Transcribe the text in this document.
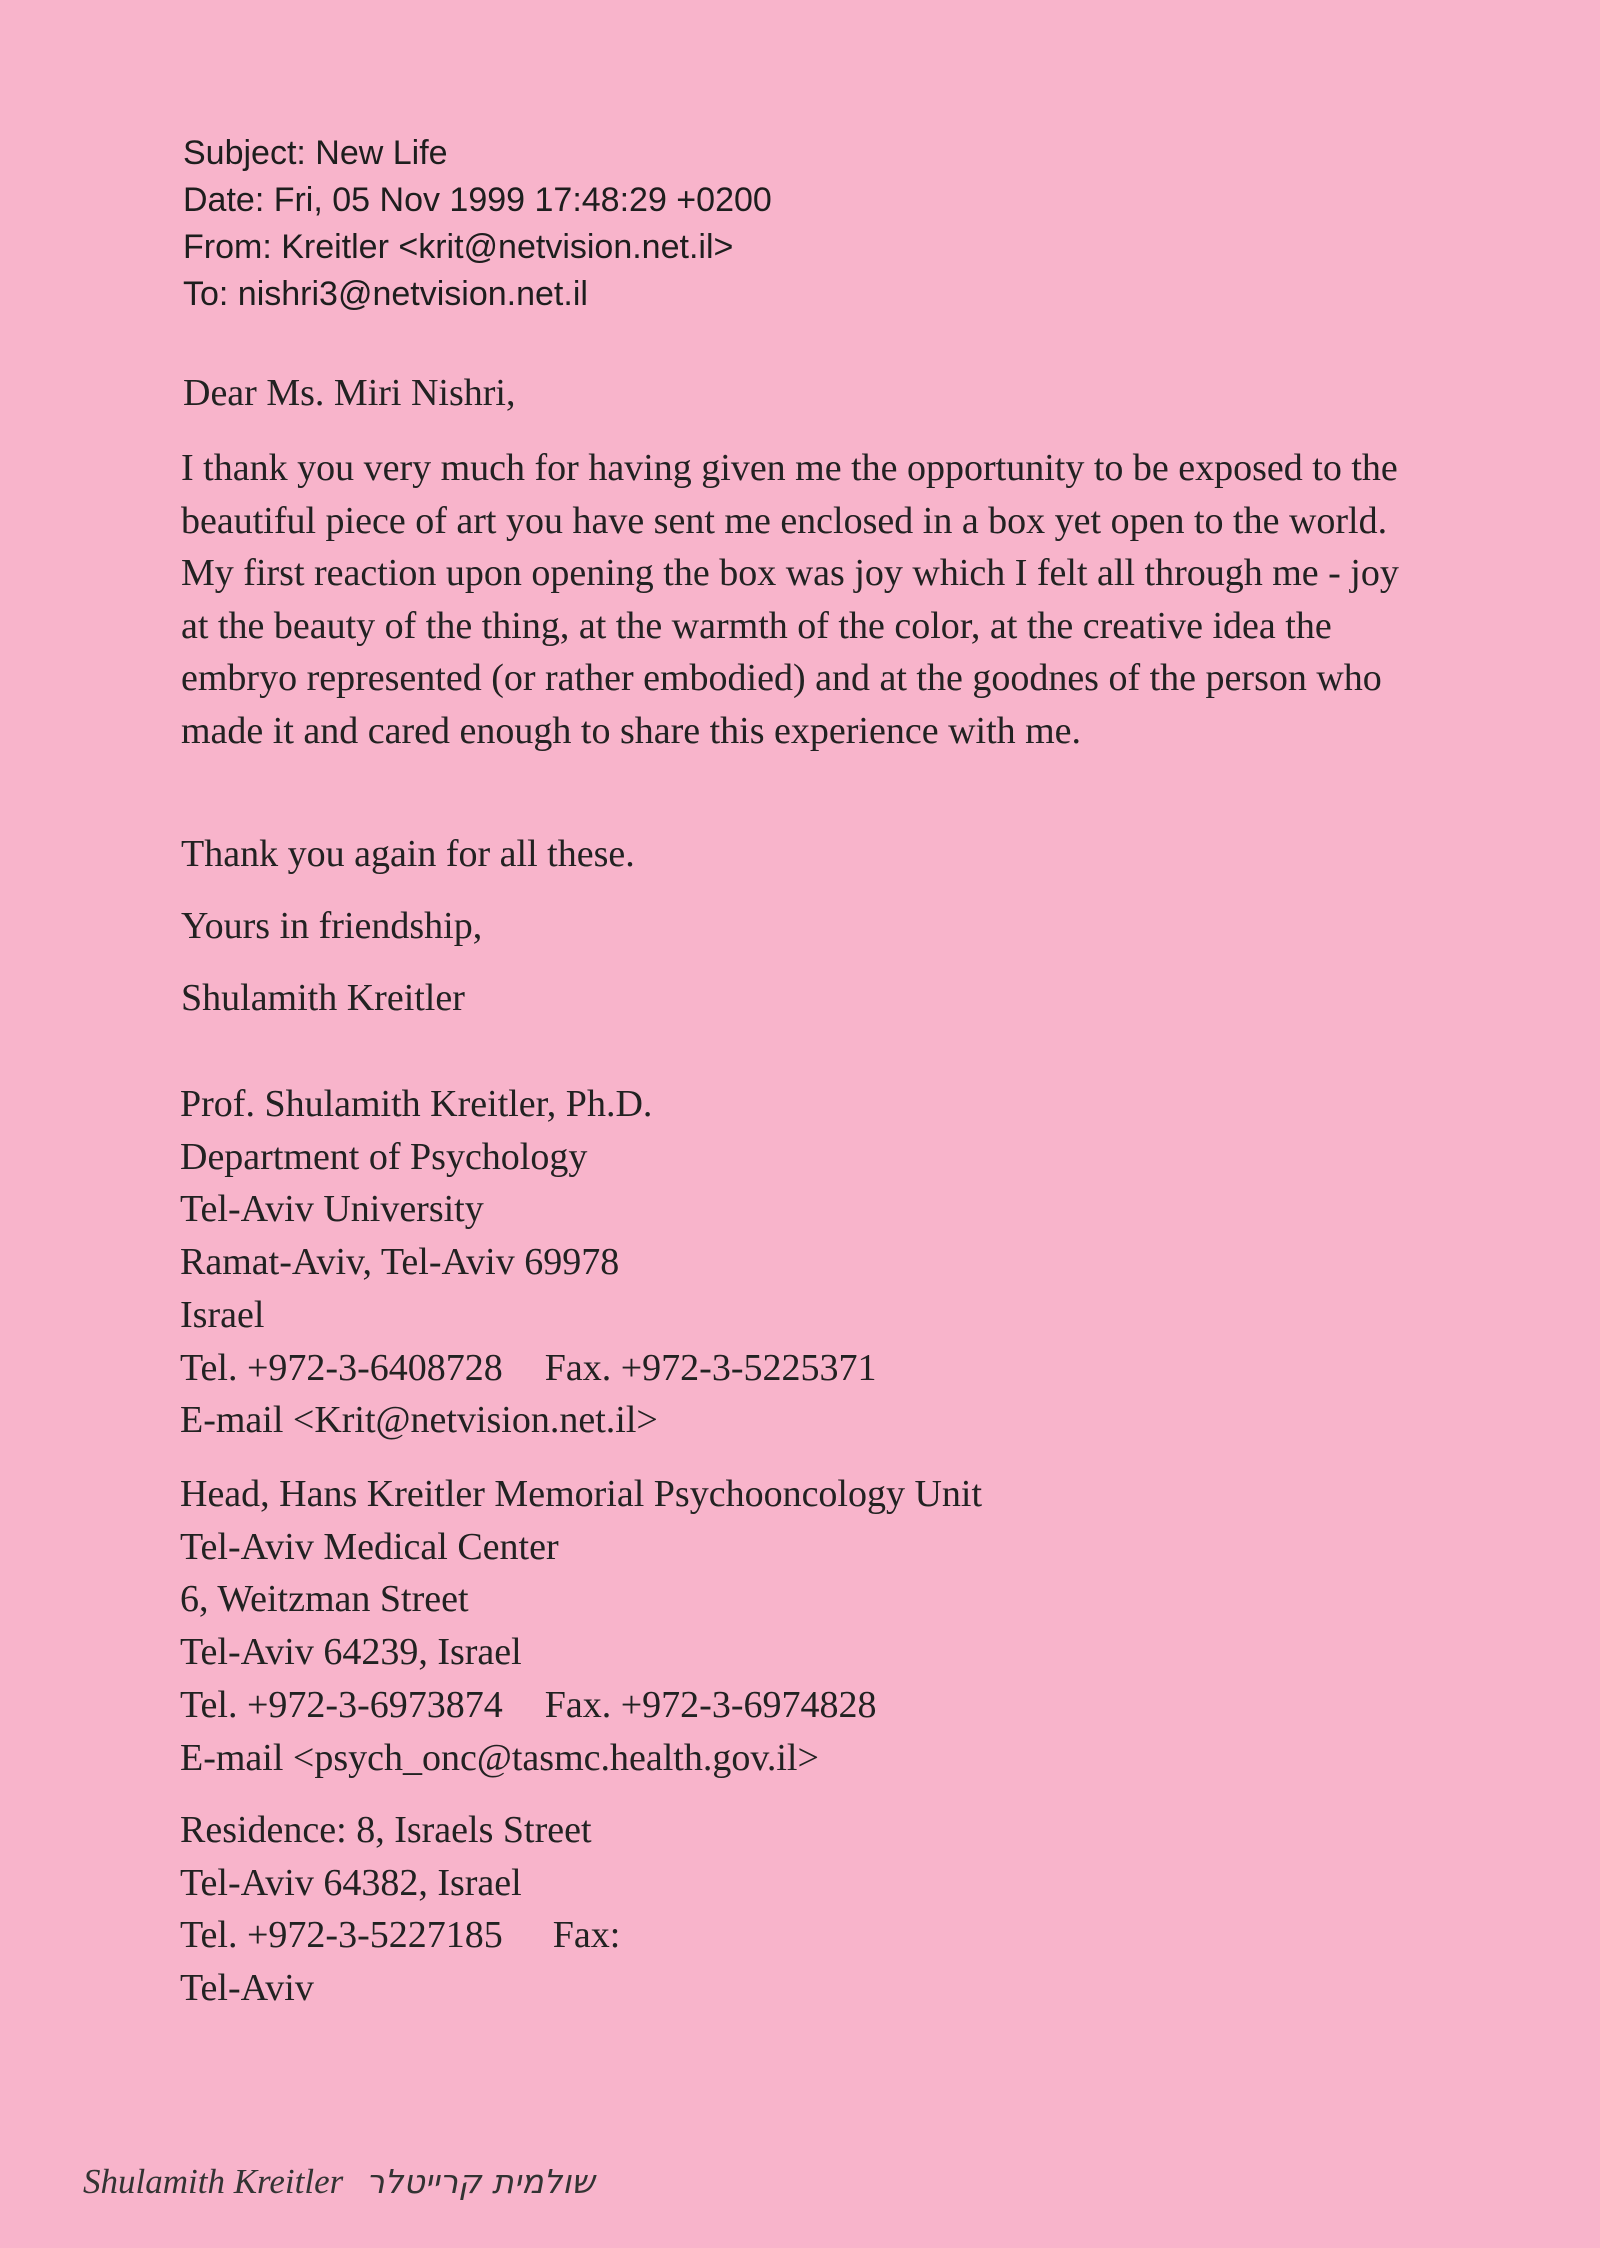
Subject: New Life
Date: Fri, 05 Nov 1999 17:48:29 +0200
From: Kreitler <krit@netvision.net.il>
To: nishri3@netvision.net.il
Dear Ms. Miri Nishri,
I thank you very much for having given me the opportunity to be exposed to the beautiful piece of art you have sent me enclosed in a box yet open to the world. My first reaction upon opening the box was joy which I felt all through me - joy at the beauty of the thing, at the warmth of the color, at the creative idea the embryo represented (or rather embodied) and at the goodnes of the person who made it and cared enough to share this experience with me.
Thank you again for all these.
Yours in friendship,
Shulamith Kreitler
Prof. Shulamith Kreitler, Ph.D.
Department of Psychology
Tel-Aviv University
Ramat-Aviv, Tel-Aviv 69978
Israel
Tel. +972-3-6408728 Fax. +972-3-5225371
E-mail <Krit@netvision.net.il>
Head, Hans Kreitler Memorial Psychooncology Unit
Tel-Aviv Medical Center
6, Weitzman Street
Tel-Aviv 64239, Israel
Tel. +972-3-6973874 Fax. +972-3-6974828
E-mail <psych_onc@tasmc.health.gov.il>
Residence: 8, Israels Street
Tel-Aviv 64382, Israel
Tel. +972-3-5227185 Fax:
Tel-Aviv
Shulamith Kreitler שולמית קרייטלר
